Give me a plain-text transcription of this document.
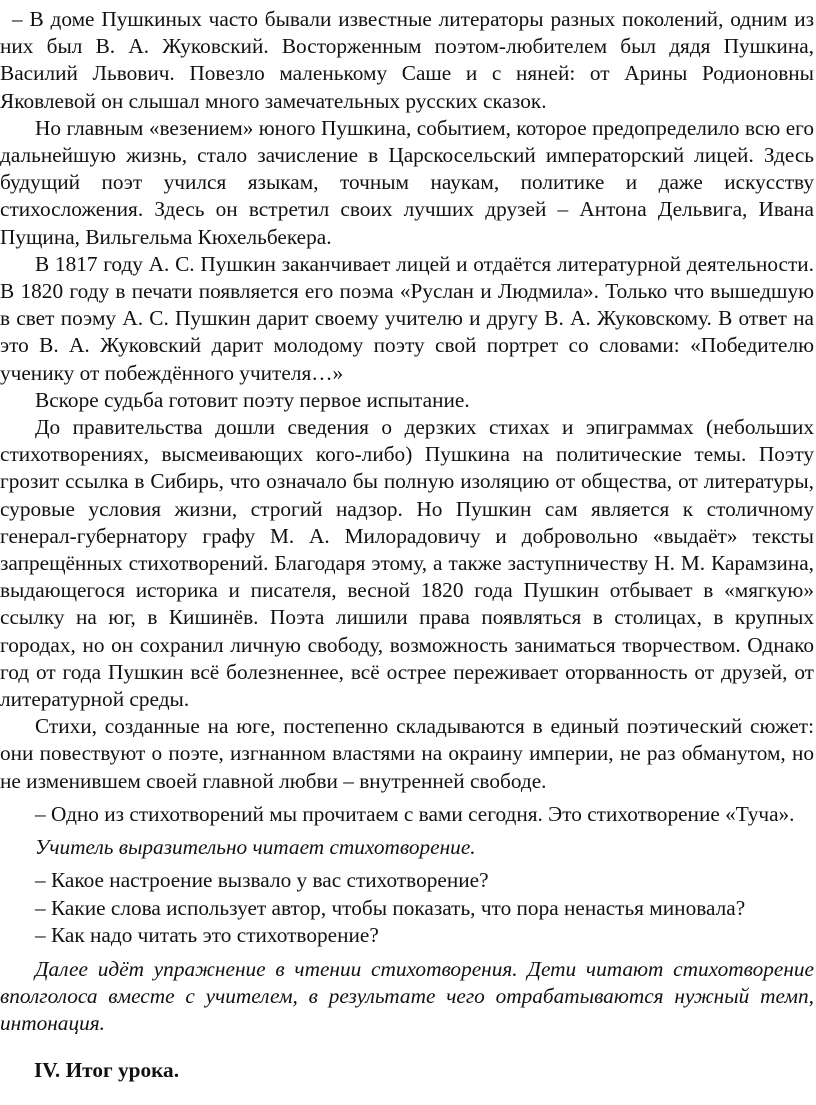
– В доме Пушкиных часто бывали известные литераторы разных поколений, одним из них был В. А. Жуковский. Восторженным поэтом-любителем был дядя Пушкина, Василий Львович. Повезло маленькому Саше и с няней: от Арины Родионовны Яковлевой он слышал много замечательных русских сказок.

Но главным «везением» юного Пушкина, событием, которое предопределило всю его дальнейшую жизнь, стало зачисление в Царскосельский императорский лицей. Здесь будущий поэт учился языкам, точным наукам, политике и даже искусству стихосложения. Здесь он встретил своих лучших друзей – Антона Дельвига, Ивана Пущина, Вильгельма Кюхельбекера.

В 1817 году А. С. Пушкин заканчивает лицей и отдаётся литературной деятельности. В 1820 году в печати появляется его поэма «Руслан и Людмила». Только что вышедшую в свет поэму А. С. Пушкин дарит своему учителю и другу В. А. Жуковскому. В ответ на это В. А. Жуковский дарит молодому поэту свой портрет со словами: «Победителю ученику от побеждённого учителя…»

Вскоре судьба готовит поэту первое испытание.

До правительства дошли сведения о дерзких стихах и эпиграммах (небольших стихотворениях, высмеивающих кого-либо) Пушкина на политические темы. Поэту грозит ссылка в Сибирь, что означало бы полную изоляцию от общества, от литературы, суровые условия жизни, строгий надзор. Но Пушкин сам является к столичному генерал-губернатору графу М. А. Милорадовичу и добровольно «выдаёт» тексты запрещённых стихотворений. Благодаря этому, а также заступничеству Н. М. Карамзина, выдающегося историка и писателя, весной 1820 года Пушкин отбывает в «мягкую» ссылку на юг, в Кишинёв. Поэта лишили права появляться в столицах, в крупных городах, но он сохранил личную свободу, возможность заниматься творчеством. Однако год от года Пушкин всё болезненнее, всё острее переживает оторванность от друзей, от литературной среды.

Стихи, созданные на юге, постепенно складываются в единый поэтический сюжет: они повествуют о поэте, изгнанном властями на окраину империи, не раз обманутом, но не изменившем своей главной любви – внутренней свободе.

– Одно из стихотворений мы прочитаем с вами сегодня. Это стихотворение «Туча».

Учитель выразительно читает стихотворение.

– Какое настроение вызвало у вас стихотворение?

– Какие слова использует автор, чтобы показать, что пора ненастья миновала?

– Как надо читать это стихотворение?

Далее идёт упражнение в чтении стихотворения. Дети читают стихотворение вполголоса вместе с учителем, в результате чего отрабатываются нужный темп, интонация.

IV. Итог урока.
